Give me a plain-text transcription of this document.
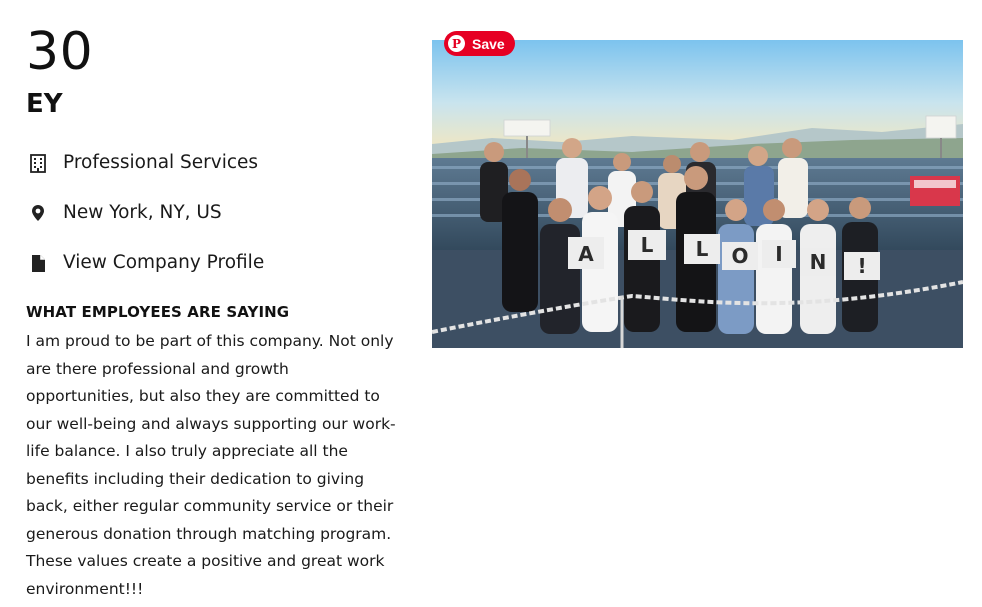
30
EY
Professional Services
New York, NY, US
View Company Profile
WHAT EMPLOYEES ARE SAYING

I am proud to be part of this company. Not only are there professional and growth opportunities, but also they are committed to our well-being and always supporting our work-life balance. I also truly appreciate all the benefits including their dedication to giving back, either regular community service or their generous donation through matching program. These values create a positive and great work environment!!!

P Save
A L L O I N !
